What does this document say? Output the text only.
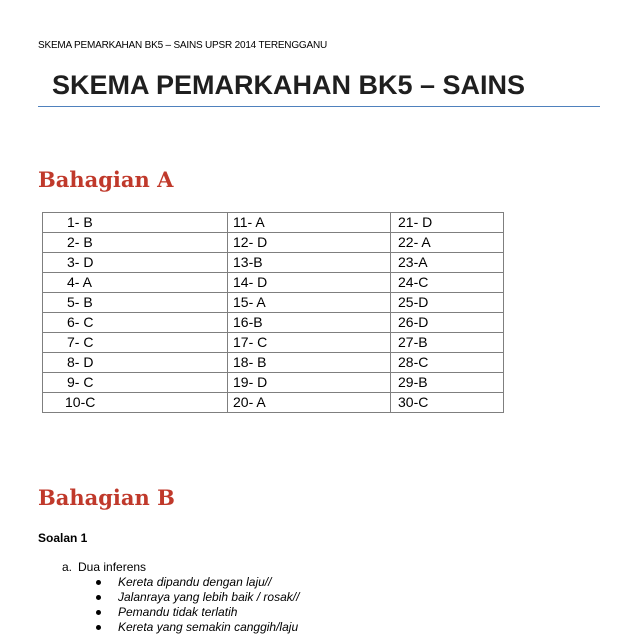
SKEMA PEMARKAHAN BK5 – SAINS UPSR 2014 TERENGGANU
SKEMA PEMARKAHAN BK5 – SAINS
Bahagian A
1- B	11- A	21- D
2- B	12- D	22- A
3- D	13-B	23-A
4- A	14- D	24-C
5- B	15- A	25-D
6- C	16-B	26-D
7- C	17- C	27-B
8- D	18- B	28-C
9- C	19- D	29-B
10-C	20- A	30-C
Bahagian B
Soalan 1
a. Dua inferens
Kereta dipandu dengan laju//
Jalanraya yang lebih baik / rosak//
Pemandu tidak terlatih
Kereta yang semakin canggih/laju
